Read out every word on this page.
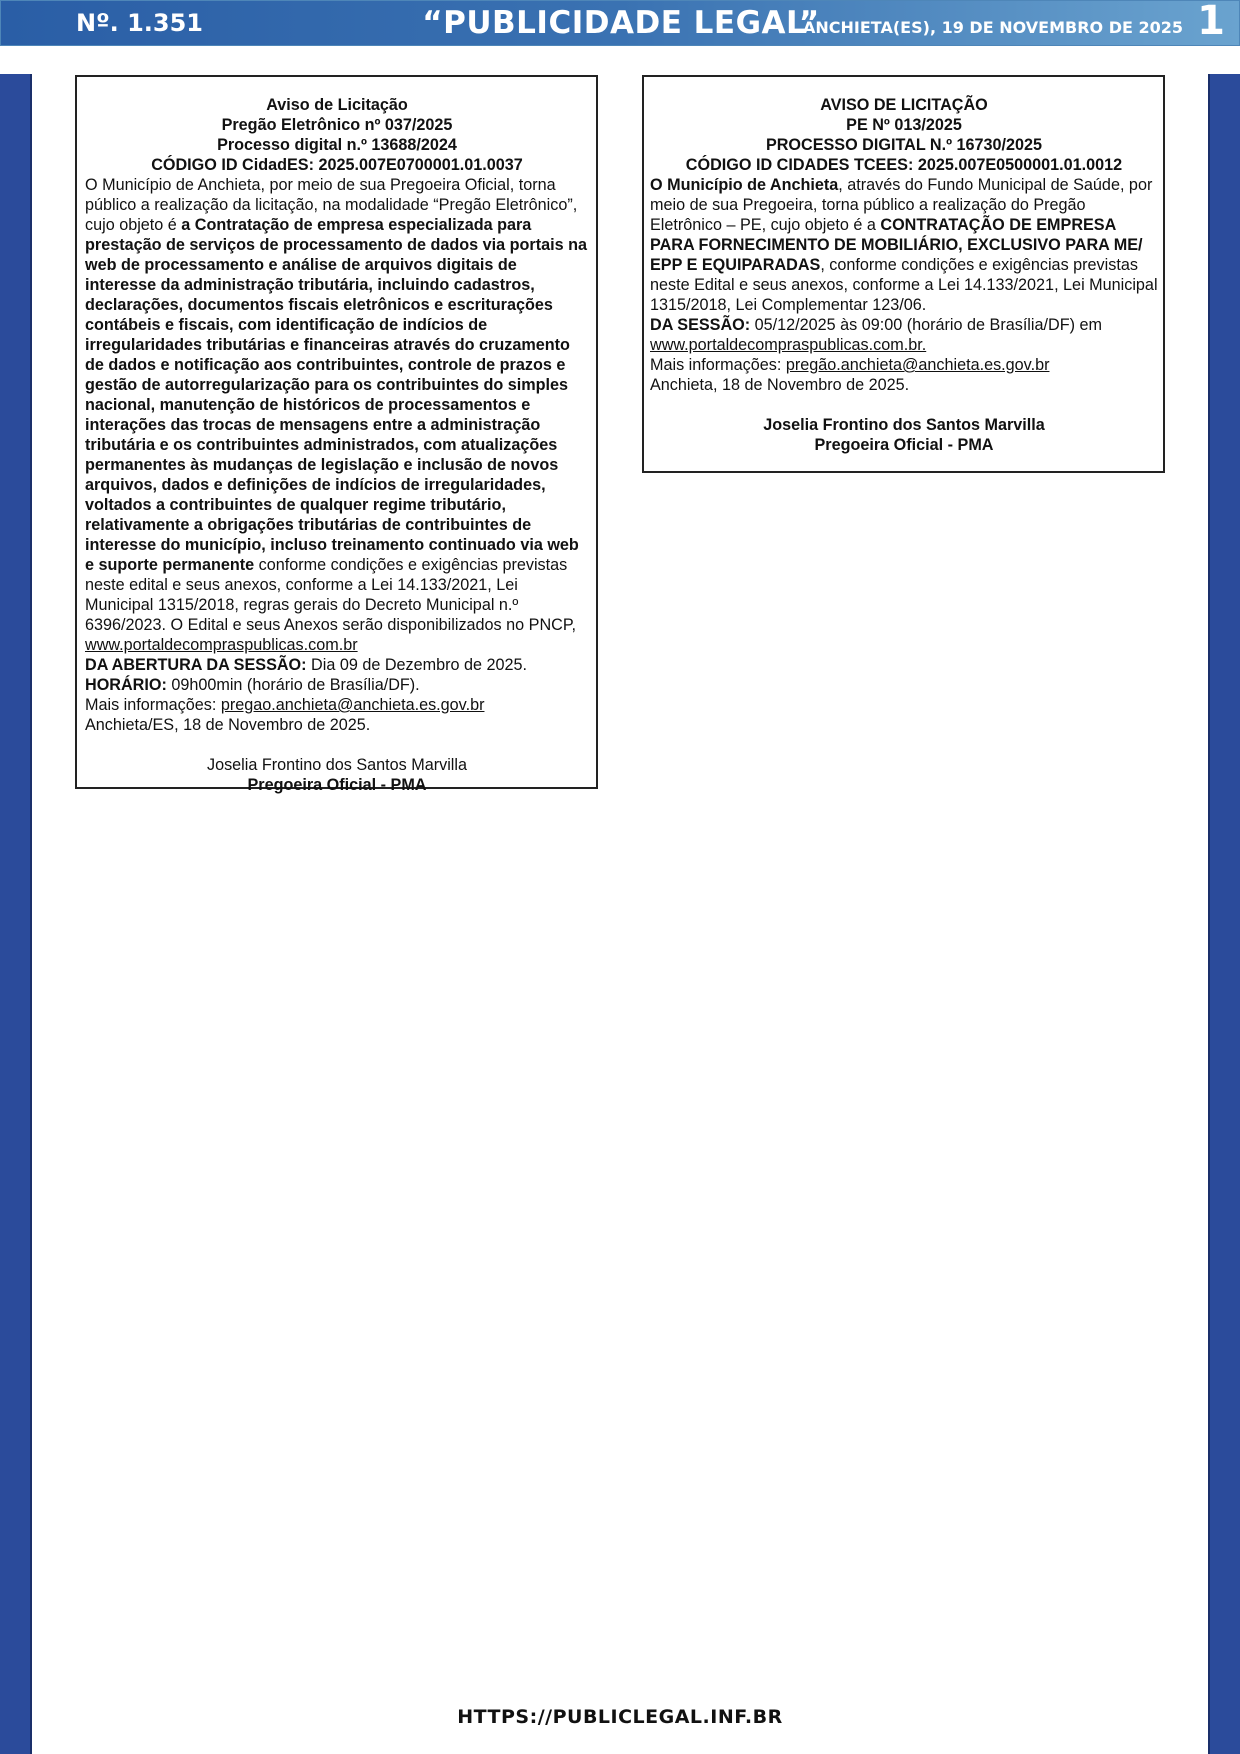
Nº. 1.351	“PUBLICIDADE LEGAL”
ANCHIETA(ES), 19 DE NOVEMBRO DE 2025 1
Aviso de Licitação
Pregão Eletrônico nº 037/2025
Processo digital n.º 13688/2024
CÓDIGO ID CidadES: 2025.007E0700001.01.0037
O Município de Anchieta, por meio de sua Pregoeira Oficial, torna público a realização da licitação, na modalidade “Pregão Eletrônico”, cujo objeto é a Contratação de empresa especializada para prestação de serviços de processamento de dados via portais na web de processamento e análise de arquivos digitais de interesse da administração tributária, incluindo cadastros, declarações, documentos fiscais eletrônicos e escriturações contábeis e fiscais, com identificação de indícios de irregularidades tributárias e financeiras através do cruzamento de dados e notificação aos contribuintes, controle de prazos e gestão de autorregularização para os contribuintes do simples nacional, manutenção de históricos de processamentos e interações das trocas de mensagens entre a administração tributária e os contribuintes administrados, com atualizações permanentes às mudanças de legislação e inclusão de novos arquivos, dados e definições de indícios de irregularidades, voltados a contribuintes de qualquer regime tributário, relativamente a obrigações tributárias de contribuintes de interesse do município, incluso treinamento continuado via web e suporte permanente conforme condições e exigências previstas neste edital e seus anexos, conforme a Lei 14.133/2021, Lei Municipal 1315/2018, regras gerais do Decreto Municipal n.º 6396/2023. O Edital e seus Anexos serão disponibilizados no PNCP, www.portaldecompraspublicas.com.br
DA ABERTURA DA SESSÃO: Dia 09 de Dezembro de 2025.
HORÁRIO: 09h00min (horário de Brasília/DF).
Mais informações: pregao.anchieta@anchieta.es.gov.br
Anchieta/ES, 18 de Novembro de 2025.
Joselia Frontino dos Santos Marvilla
Pregoeira Oficial - PMA
AVISO DE LICITAÇÃO
PE Nº 013/2025
PROCESSO DIGITAL N.º 16730/2025
CÓDIGO ID CIDADES TCEES: 2025.007E0500001.01.0012
O Município de Anchieta, através do Fundo Municipal de Saúde, por meio de sua Pregoeira, torna público a realização do Pregão Eletrônico – PE, cujo objeto é a CONTRATAÇÃO DE EMPRESA PARA FORNECIMENTO DE MOBILIÁRIO, EXCLUSIVO PARA ME/ EPP E EQUIPARADAS, conforme condições e exigências previstas neste Edital e seus anexos, conforme a Lei 14.133/2021, Lei Municipal 1315/2018, Lei Complementar 123/06.
DA SESSÃO: 05/12/2025 às 09:00 (horário de Brasília/DF) em www.portaldecompraspublicas.com.br.
Mais informações: pregão.anchieta@anchieta.es.gov.br
Anchieta, 18 de Novembro de 2025.
Joselia Frontino dos Santos Marvilla
Pregoeira Oficial - PMA
HTTPS://PUBLICLEGAL.INF.BR
